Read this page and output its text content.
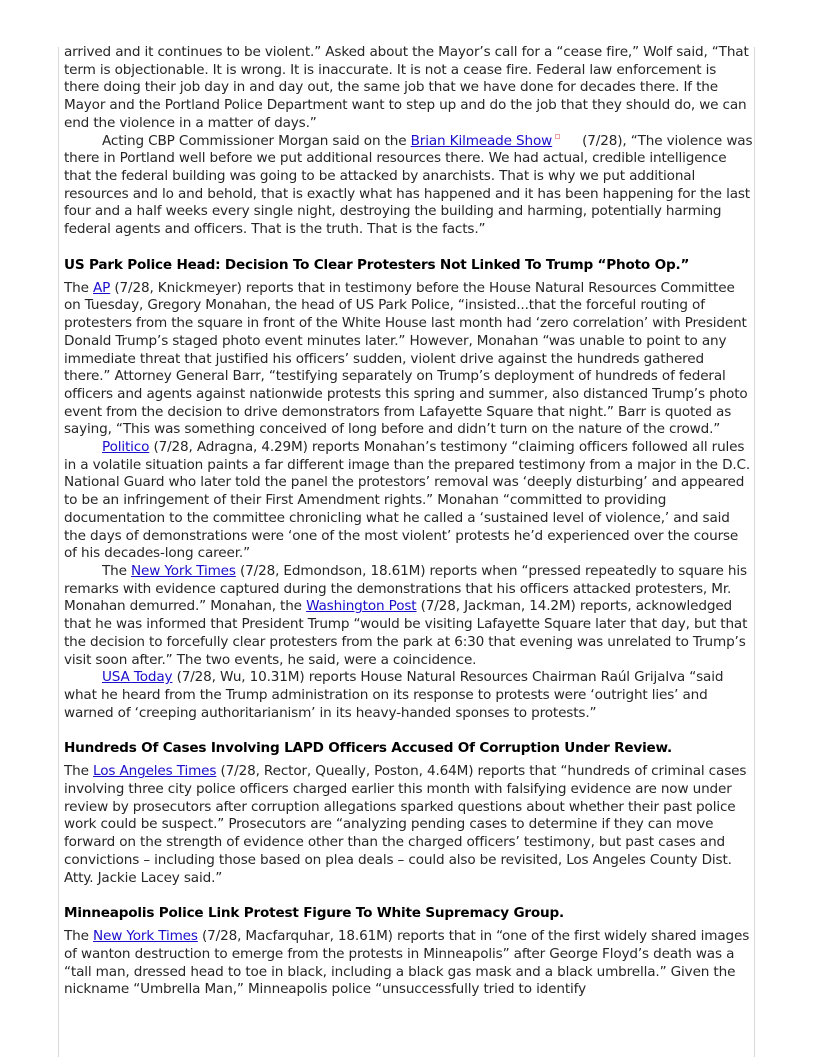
arrived and it continues to be violent.” Asked about the Mayor’s call for a “cease fire,” Wolf said, “That term is objectionable. It is wrong. It is inaccurate. It is not a cease fire. Federal law enforcement is there doing their job day in and day out, the same job that we have done for decades there. If the Mayor and the Portland Police Department want to step up and do the job that they should do, we can end the violence in a matter of days.”

Acting CBP Commissioner Morgan said on the Brian Kilmeade Show (7/28), “The violence was there in Portland well before we put additional resources there. We had actual, credible intelligence that the federal building was going to be attacked by anarchists. That is why we put additional resources and lo and behold, that is exactly what has happened and it has been happening for the last four and a half weeks every single night, destroying the building and harming, potentially harming federal agents and officers. That is the truth. That is the facts.”

US Park Police Head: Decision To Clear Protesters Not Linked To Trump “Photo Op.”

The AP (7/28, Knickmeyer) reports that in testimony before the House Natural Resources Committee on Tuesday, Gregory Monahan, the head of US Park Police, “insisted...that the forceful routing of protesters from the square in front of the White House last month had ‘zero correlation’ with President Donald Trump’s staged photo event minutes later.” However, Monahan “was unable to point to any immediate threat that justified his officers’ sudden, violent drive against the hundreds gathered there.” Attorney General Barr, “testifying separately on Trump’s deployment of hundreds of federal officers and agents against nationwide protests this spring and summer, also distanced Trump’s photo event from the decision to drive demonstrators from Lafayette Square that night.” Barr is quoted as saying, “This was something conceived of long before and didn’t turn on the nature of the crowd.”

Politico (7/28, Adragna, 4.29M) reports Monahan’s testimony “claiming officers followed all rules in a volatile situation paints a far different image than the prepared testimony from a major in the D.C. National Guard who later told the panel the protestors’ removal was ‘deeply disturbing’ and appeared to be an infringement of their First Amendment rights.” Monahan “committed to providing documentation to the committee chronicling what he called a ‘sustained level of violence,’ and said the days of demonstrations were ‘one of the most violent’ protests he’d experienced over the course of his decades-long career.”

The New York Times (7/28, Edmondson, 18.61M) reports when “pressed repeatedly to square his remarks with evidence captured during the demonstrations that his officers attacked protesters, Mr. Monahan demurred.” Monahan, the Washington Post (7/28, Jackman, 14.2M) reports, acknowledged that he was informed that President Trump “would be visiting Lafayette Square later that day, but that the decision to forcefully clear protesters from the park at 6:30 that evening was unrelated to Trump’s visit soon after.” The two events, he said, were a coincidence.

USA Today (7/28, Wu, 10.31M) reports House Natural Resources Chairman Raúl Grijalva “said what he heard from the Trump administration on its response to protests were ‘outright lies’ and warned of ‘creeping authoritarianism’ in its heavy-handed sponses to protests.”

Hundreds Of Cases Involving LAPD Officers Accused Of Corruption Under Review.

The Los Angeles Times (7/28, Rector, Queally, Poston, 4.64M) reports that “hundreds of criminal cases involving three city police officers charged earlier this month with falsifying evidence are now under review by prosecutors after corruption allegations sparked questions about whether their past police work could be suspect.” Prosecutors are “analyzing pending cases to determine if they can move forward on the strength of evidence other than the charged officers’ testimony, but past cases and convictions – including those based on plea deals – could also be revisited, Los Angeles County Dist. Atty. Jackie Lacey said.”

Minneapolis Police Link Protest Figure To White Supremacy Group.

The New York Times (7/28, Macfarquhar, 18.61M) reports that in “one of the first widely shared images of wanton destruction to emerge from the protests in Minneapolis” after George Floyd’s death was a “tall man, dressed head to toe in black, including a black gas mask and a black umbrella.” Given the nickname “Umbrella Man,” Minneapolis police “unsuccessfully tried to identify
